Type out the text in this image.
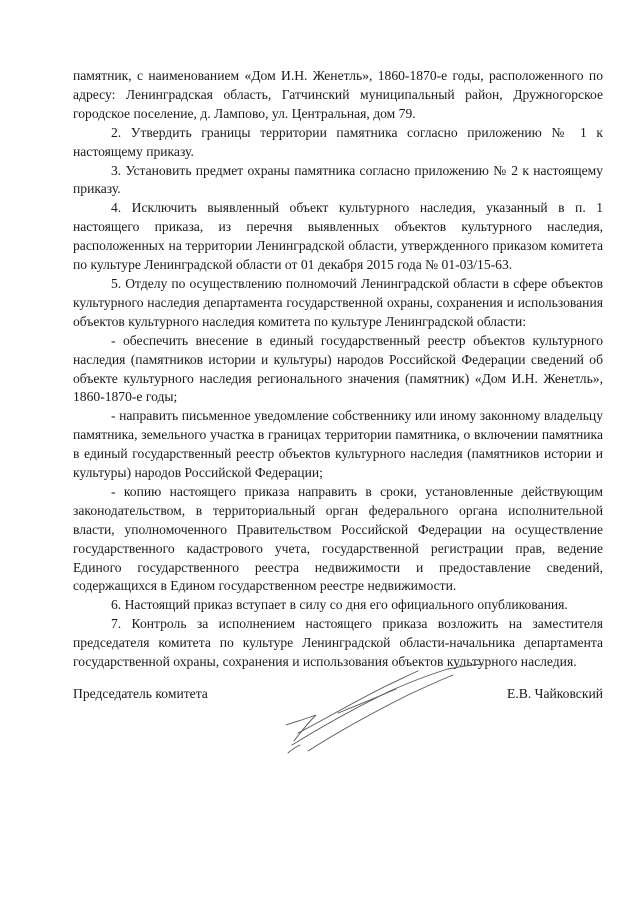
памятник, с наименованием «Дом И.Н. Женетль», 1860-1870-е годы, расположенного по адресу: Ленинградская область, Гатчинский муниципальный район, Дружногорское городское поселение, д. Лампово, ул. Центральная, дом 79.

2. Утвердить границы территории памятника согласно приложению № 1 к настоящему приказу.

3. Установить предмет охраны памятника согласно приложению № 2 к настоящему приказу.

4. Исключить выявленный объект культурного наследия, указанный в п. 1 настоящего приказа, из перечня выявленных объектов культурного наследия, расположенных на территории Ленинградской области, утвержденного приказом комитета по культуре Ленинградской области от 01 декабря 2015 года № 01-03/15-63.

5. Отделу по осуществлению полномочий Ленинградской области в сфере объектов культурного наследия департамента государственной охраны, сохранения и использования объектов культурного наследия комитета по культуре Ленинградской области:

- обеспечить внесение в единый государственный реестр объектов культурного наследия (памятников истории и культуры) народов Российской Федерации сведений об объекте культурного наследия регионального значения (памятник) «Дом И.Н. Женетль», 1860-1870-е годы;

- направить письменное уведомление собственнику или иному законному владельцу памятника, земельного участка в границах территории памятника, о включении памятника в единый государственный реестр объектов культурного наследия (памятников истории и культуры) народов Российской Федерации;

- копию настоящего приказа направить в сроки, установленные действующим законодательством, в территориальный орган федерального органа исполнительной власти, уполномоченного Правительством Российской Федерации на осуществление государственного кадастрового учета, государственной регистрации прав, ведение Единого государственного реестра недвижимости и предоставление сведений, содержащихся в Едином государственном реестре недвижимости.

6. Настоящий приказ вступает в силу со дня его официального опубликования.

7. Контроль за исполнением настоящего приказа возложить на заместителя председателя комитета по культуре Ленинградской области-начальника департамента государственной охраны, сохранения и использования объектов культурного наследия.

Председатель комитета	Е.В. Чайковский
